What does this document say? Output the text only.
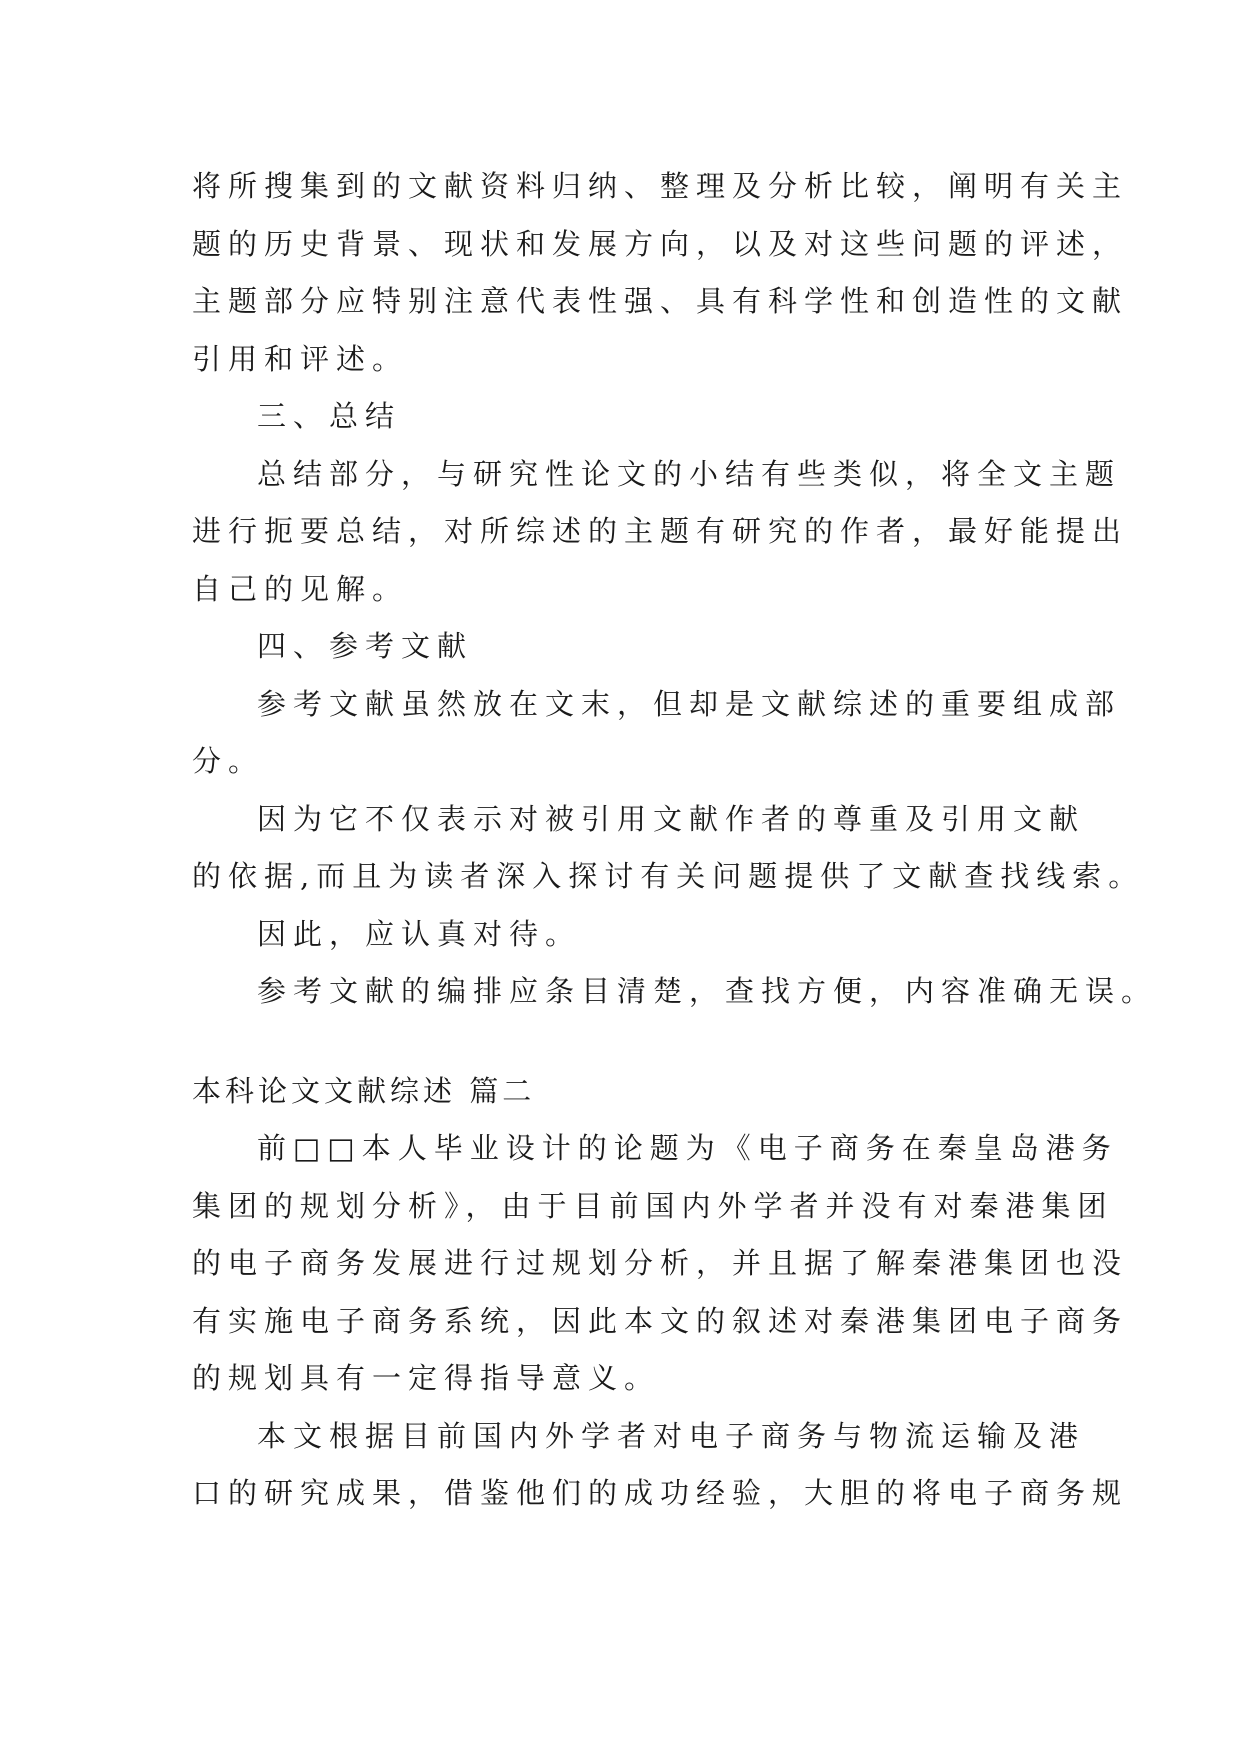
将所搜集到的文献资料归纳、整理及分析比较，阐明有关主
题的历史背景、现状和发展方向，以及对这些问题的评述，
主题部分应特别注意代表性强、具有科学性和创造性的文献
引用和评述。
三、总结
总结部分，与研究性论文的小结有些类似，将全文主题
进行扼要总结，对所综述的主题有研究的作者，最好能提出
自己的见解。
四、参考文献
参考文献虽然放在文末，但却是文献综述的重要组成部
分。
因为它不仅表示对被引用文献作者的尊重及引用文献
的依据,而且为读者深入探讨有关问题提供了文献查找线索。
因此，应认真对待。
参考文献的编排应条目清楚，查找方便，内容准确无误。
本科论文文献综述 篇二
前□□本人毕业设计的论题为《电子商务在秦皇岛港务
集团的规划分析》，由于目前国内外学者并没有对秦港集团
的电子商务发展进行过规划分析，并且据了解秦港集团也没
有实施电子商务系统，因此本文的叙述对秦港集团电子商务
的规划具有一定得指导意义。
本文根据目前国内外学者对电子商务与物流运输及港
口的研究成果，借鉴他们的成功经验，大胆的将电子商务规
